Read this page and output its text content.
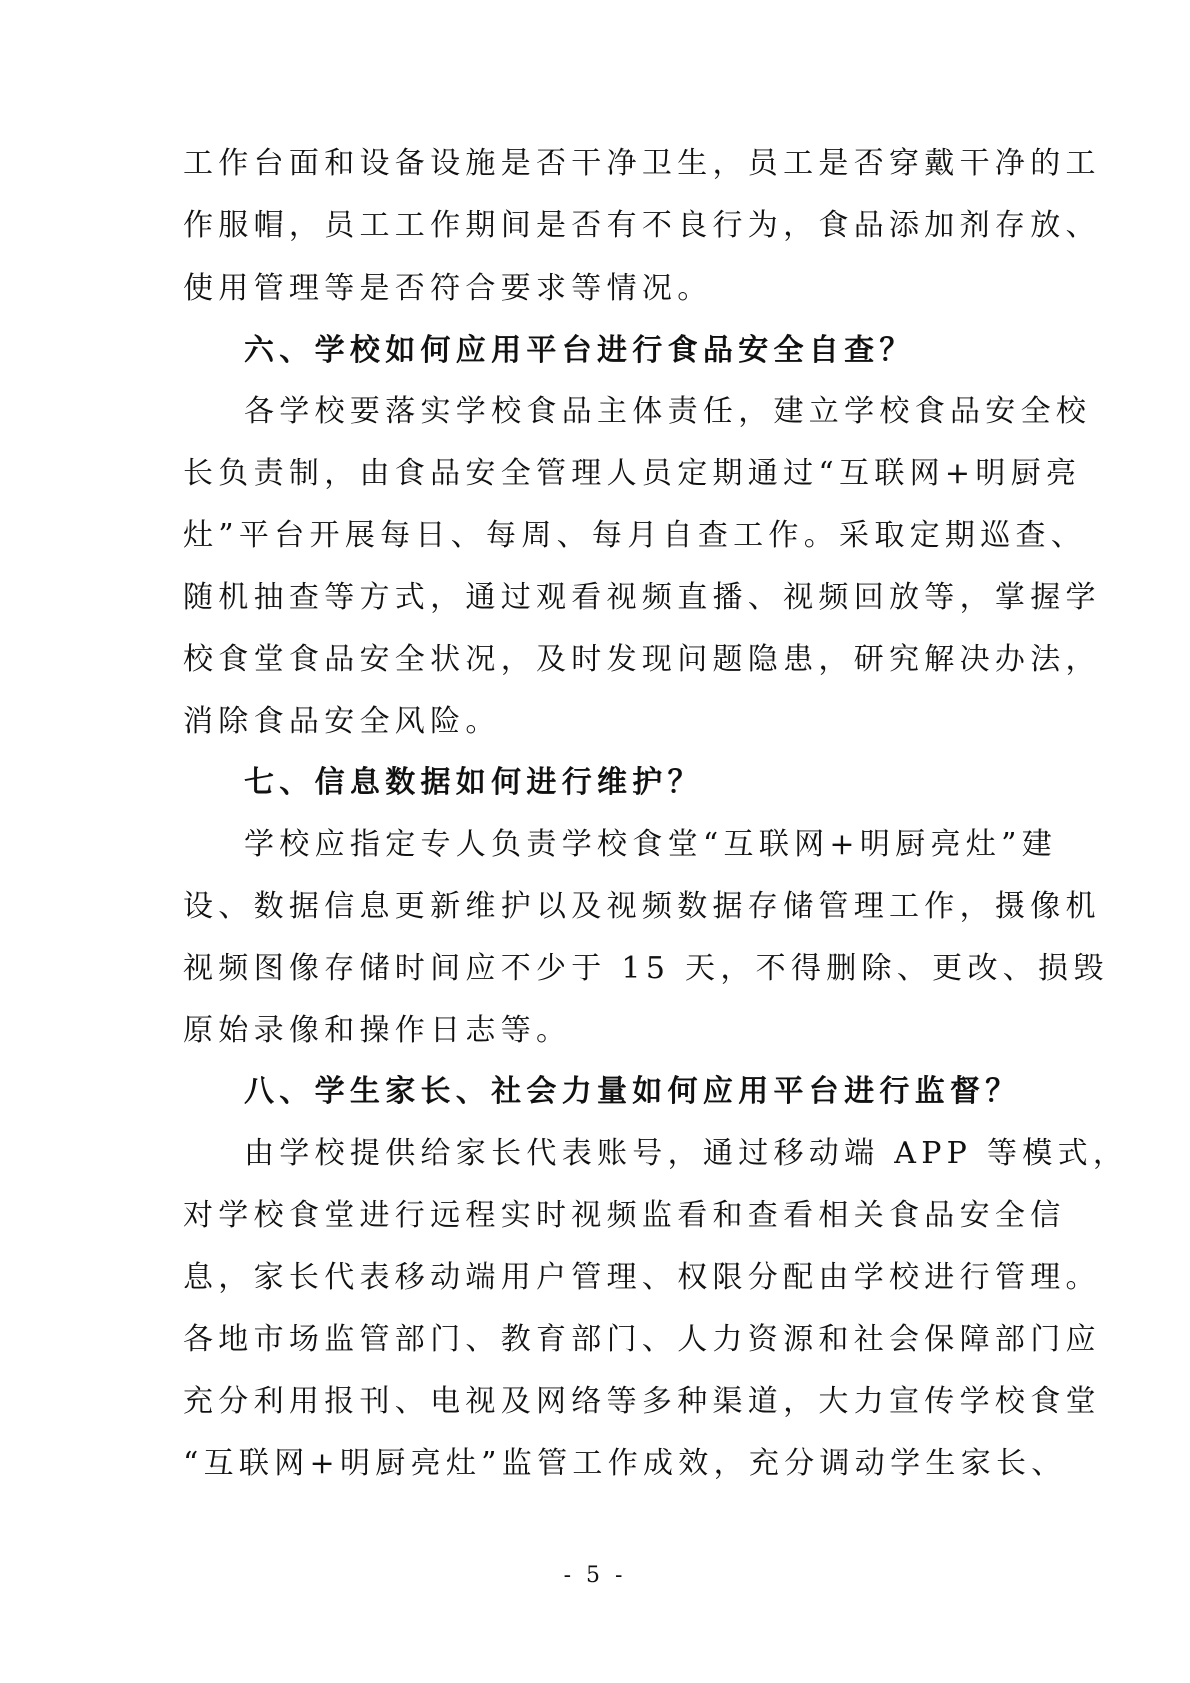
工作台面和设备设施是否干净卫生，员工是否穿戴干净的工
作服帽，员工工作期间是否有不良行为，食品添加剂存放、
使用管理等是否符合要求等情况。
六、学校如何应用平台进行食品安全自查？
各学校要落实学校食品主体责任，建立学校食品安全校
长负责制，由食品安全管理人员定期通过“互联网+明厨亮
灶”平台开展每日、每周、每月自查工作。采取定期巡查、
随机抽查等方式，通过观看视频直播、视频回放等，掌握学
校食堂食品安全状况，及时发现问题隐患，研究解决办法，
消除食品安全风险。
七、信息数据如何进行维护？
学校应指定专人负责学校食堂“互联网+明厨亮灶”建
设、数据信息更新维护以及视频数据存储管理工作，摄像机
视频图像存储时间应不少于 15 天，不得删除、更改、损毁
原始录像和操作日志等。
八、学生家长、社会力量如何应用平台进行监督？
由学校提供给家长代表账号，通过移动端 APP 等模式，
对学校食堂进行远程实时视频监看和查看相关食品安全信
息，家长代表移动端用户管理、权限分配由学校进行管理。
各地市场监管部门、教育部门、人力资源和社会保障部门应
充分利用报刊、电视及网络等多种渠道，大力宣传学校食堂
“互联网+明厨亮灶”监管工作成效，充分调动学生家长、
- 5 -
